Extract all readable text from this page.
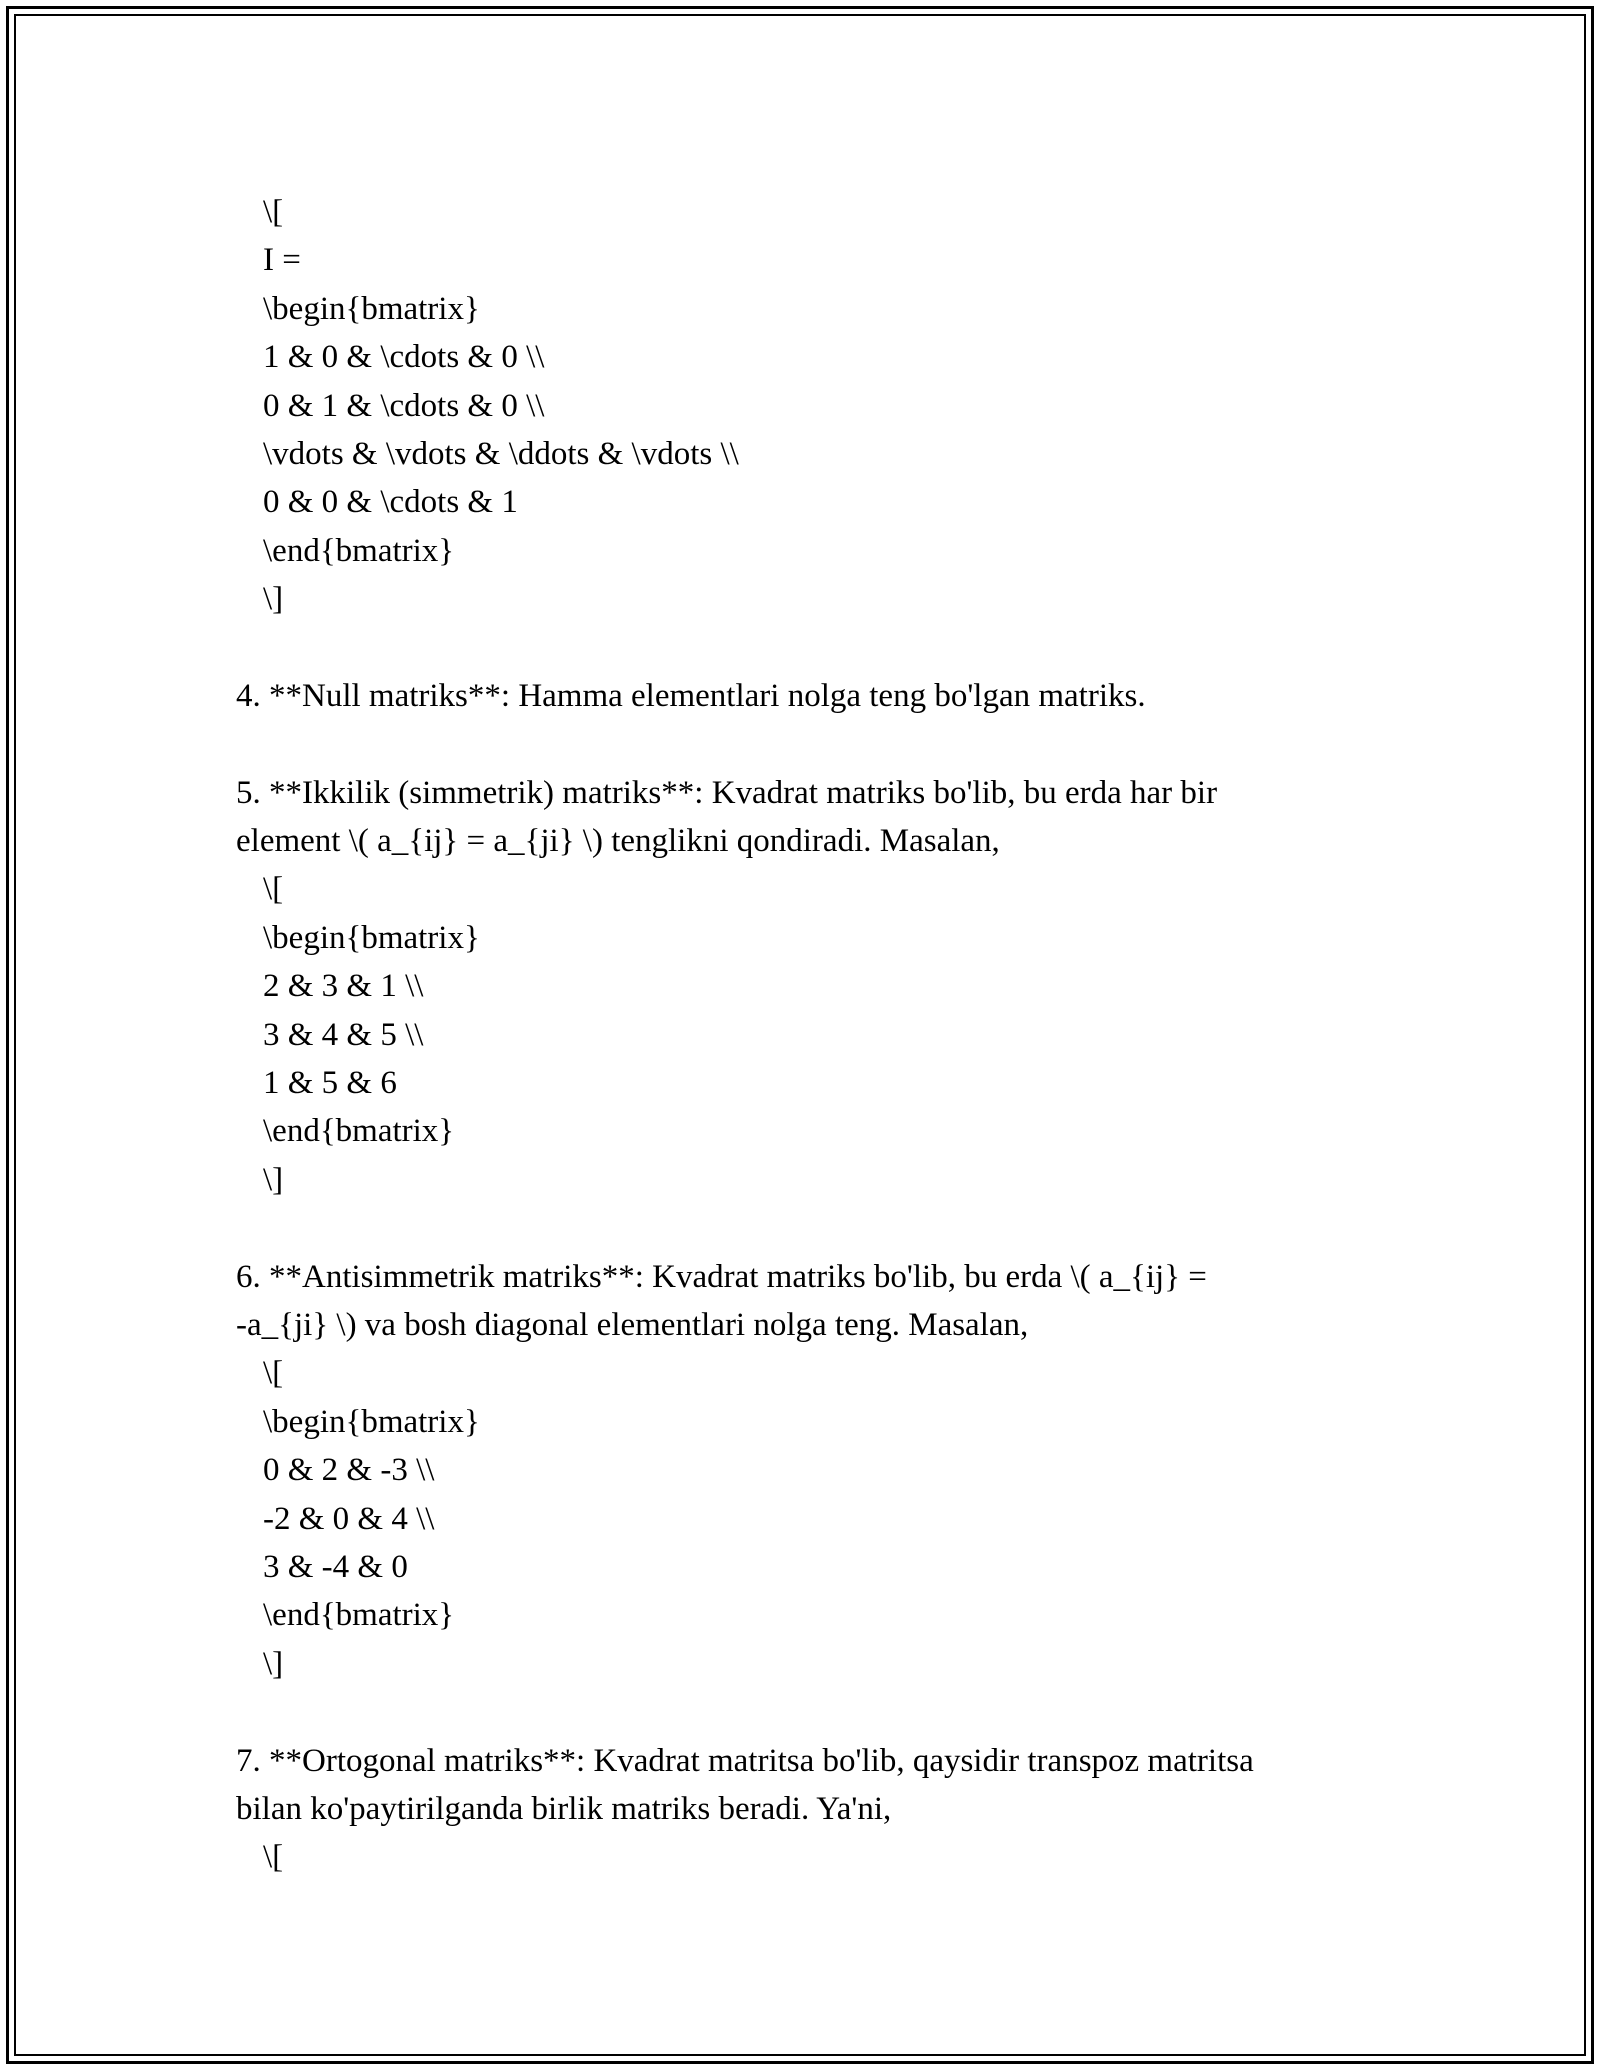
\[
I =
\begin{bmatrix}
1 & 0 & \cdots & 0 \\
0 & 1 & \cdots & 0 \\
\vdots & \vdots & \ddots & \vdots \\
0 & 0 & \cdots & 1
\end{bmatrix}
\]
4. **Null matriks**: Hamma elementlari nolga teng bo'lgan matriks.
5. **Ikkilik (simmetrik) matriks**: Kvadrat matriks bo'lib, bu erda har bir
element \( a_{ij} = a_{ji} \) tenglikni qondiradi. Masalan,
\[
\begin{bmatrix}
2 & 3 & 1 \\
3 & 4 & 5 \\
1 & 5 & 6
\end{bmatrix}
\]
6. **Antisimmetrik matriks**: Kvadrat matriks bo'lib, bu erda \( a_{ij} =
-a_{ji} \) va bosh diagonal elementlari nolga teng. Masalan,
\[
\begin{bmatrix}
0 & 2 & -3 \\
-2 & 0 & 4 \\
3 & -4 & 0
\end{bmatrix}
\]
7. **Ortogonal matriks**: Kvadrat matritsa bo'lib, qaysidir transpoz matritsa
bilan ko'paytirilganda birlik matriks beradi. Ya'ni,
\[
